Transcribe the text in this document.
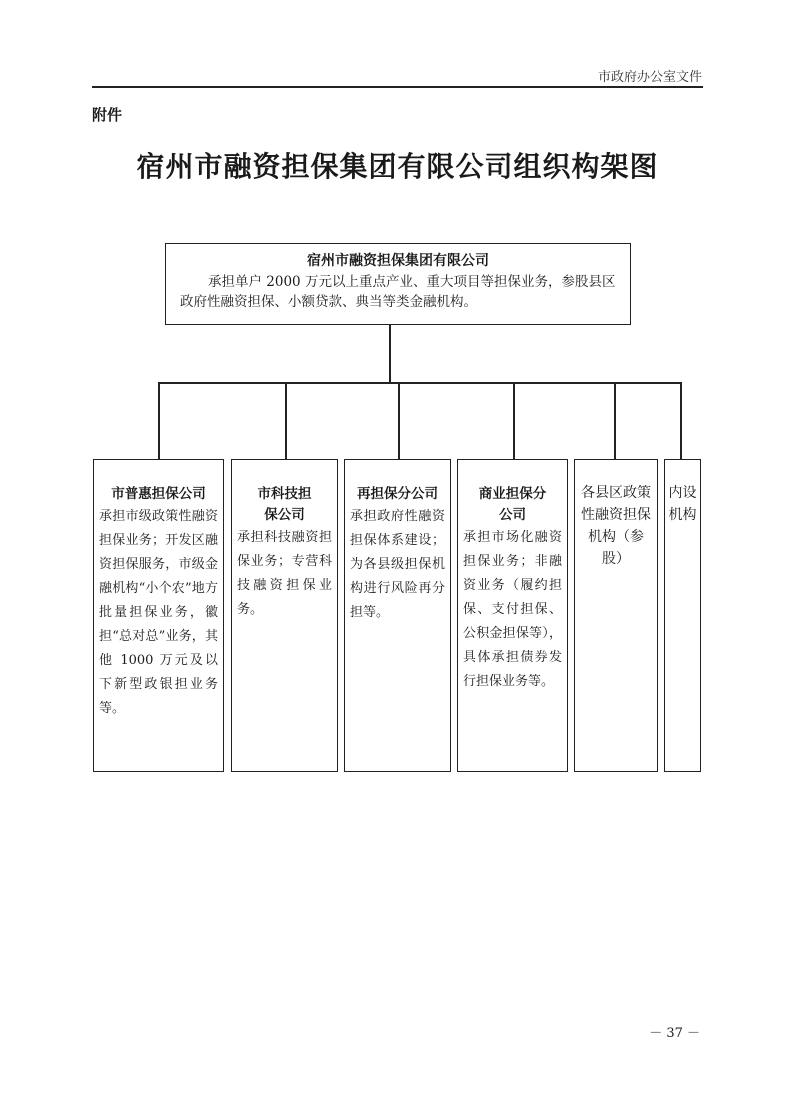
市政府办公室文件
附件
宿州市融资担保集团有限公司组织构架图
宿州市融资担保集团有限公司
承担单户 2000 万元以上重点产业、重大项目等担保业务，参股县区政府性融资担保、小额贷款、典当等类金融机构。
市普惠担保公司
承担市级政策性融资担保业务；开发区融资担保服务，市级金融机构“小个农”地方批量担保业务，徽担“总对总”业务，其他 1000 万元及以下新型政银担业务等。
市科技担保公司
承担科技融资担保业务；专营科技融资担保业务。
再担保分公司
承担政府性融资担保体系建设；为各县级担保机构进行风险再分担等。
商业担保分公司
承担市场化融资担保业务；非融资业务（履约担保、支付担保、公积金担保等），具体承担债券发行担保业务等。
各县区政策性融资担保机构（参股）
内设机构
－ 37 －
